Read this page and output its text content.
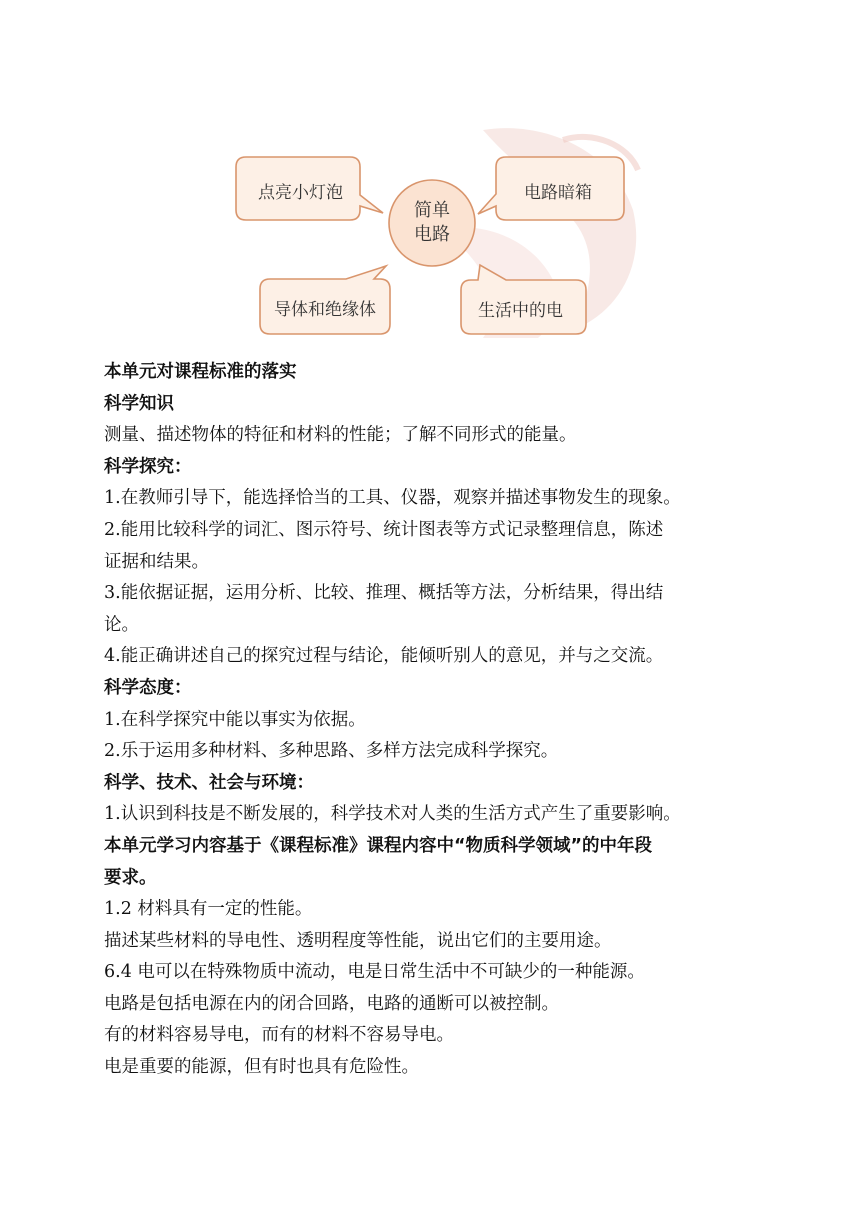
点亮小灯泡	电路暗箱
导体和绝缘体	生活中的电
简单
电路
本单元对课程标准的落实
科学知识
测量、描述物体的特征和材料的性能；了解不同形式的能量。
科学探究：
1.在教师引导下，能选择恰当的工具、仪器，观察并描述事物发生的现象。
2.能用比较科学的词汇、图示符号、统计图表等方式记录整理信息，陈述
证据和结果。
3.能依据证据，运用分析、比较、推理、概括等方法，分析结果，得出结
论。
4.能正确讲述自己的探究过程与结论，能倾听别人的意见，并与之交流。
科学态度：
1.在科学探究中能以事实为依据。
2.乐于运用多种材料、多种思路、多样方法完成科学探究。
科学、技术、社会与环境：
1.认识到科技是不断发展的，科学技术对人类的生活方式产生了重要影响。
本单元学习内容基于《课程标准》课程内容中“物质科学领域”的中年段
要求。
1.2 材料具有一定的性能。
描述某些材料的导电性、透明程度等性能，说出它们的主要用途。
6.4 电可以在特殊物质中流动，电是日常生活中不可缺少的一种能源。
电路是包括电源在内的闭合回路，电路的通断可以被控制。
有的材料容易导电，而有的材料不容易导电。
电是重要的能源，但有时也具有危险性。
